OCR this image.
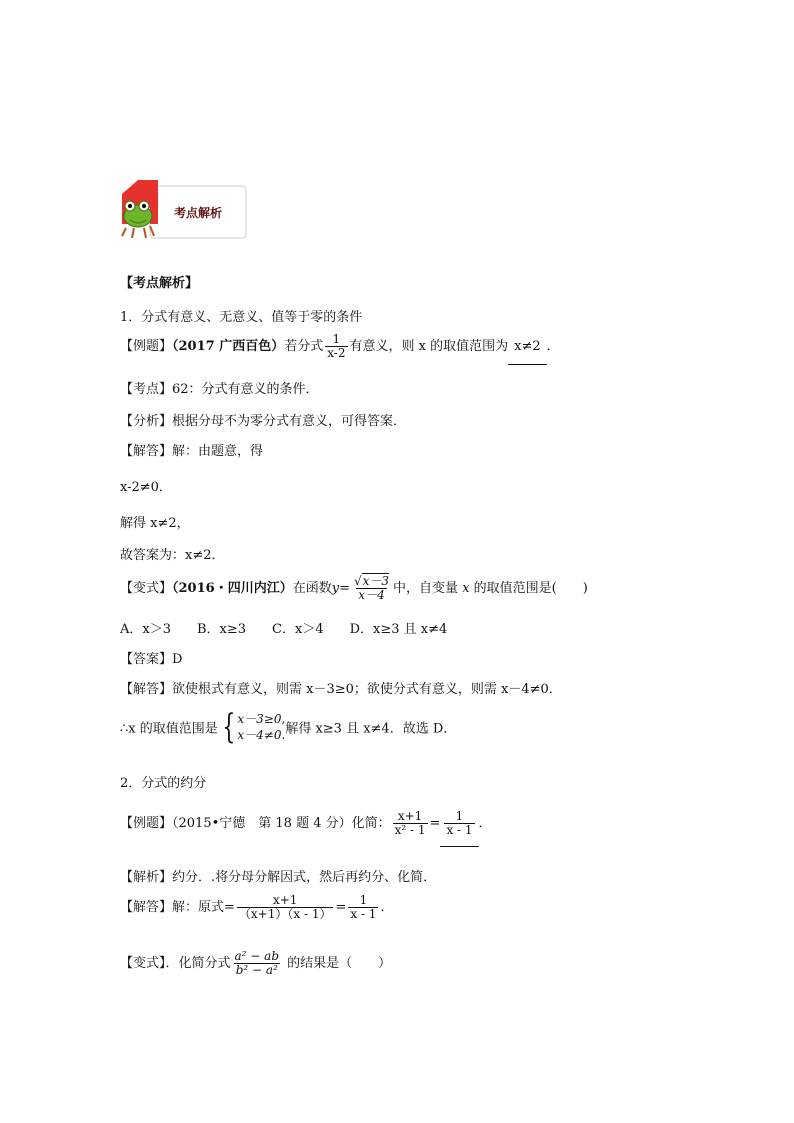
考点解析
【考点解析】
1．分式有意义、无意义、值等于零的条件
【例题】（2017 广西百色）若分式 $\frac{1}{x-2}$ 有意义，则 x 的取值范围为 x≠2 ．
【考点】62：分式有意义的条件．
【分析】根据分母不为零分式有意义，可得答案．
【解答】解：由题意，得
x-2≠0．
解得 x≠2，
故答案为：x≠2．
【变式】（2016・四川内江）在函数$y= \frac{√x-3}{x-4}$ 中，自变量 x 的取值范围是(　　)
A．x＞3　　B．x≥3　　C．x＞4　　D．x≥3 且 x≠4
【答案】D
【解答】欲使根式有意义，则需 x－3≥0；欲使分式有意义，则需 x－4≠0．
∴x 的取值范围是 { x－3≥0,
x－4≠0. 解得 x≥3 且 x≠4．故选 D．
2．分式的约分
【例题】（2015•宁德　第 18 题 4 分）化简： $\frac{x+1}{\text{x² - 1}} = \frac{1}{x - 1}$ ．
【解析】约分．.将分母分解因式，然后再约分、化简．
【解答】解：原式= $\frac{x+1}{(x+1)(x - 1)} = \frac{1}{x - 1}$ ．
【变式】．化简分式 $\frac{\text{a² − ab}}{\text{b² − a²}}$ 的结果是（　　）
